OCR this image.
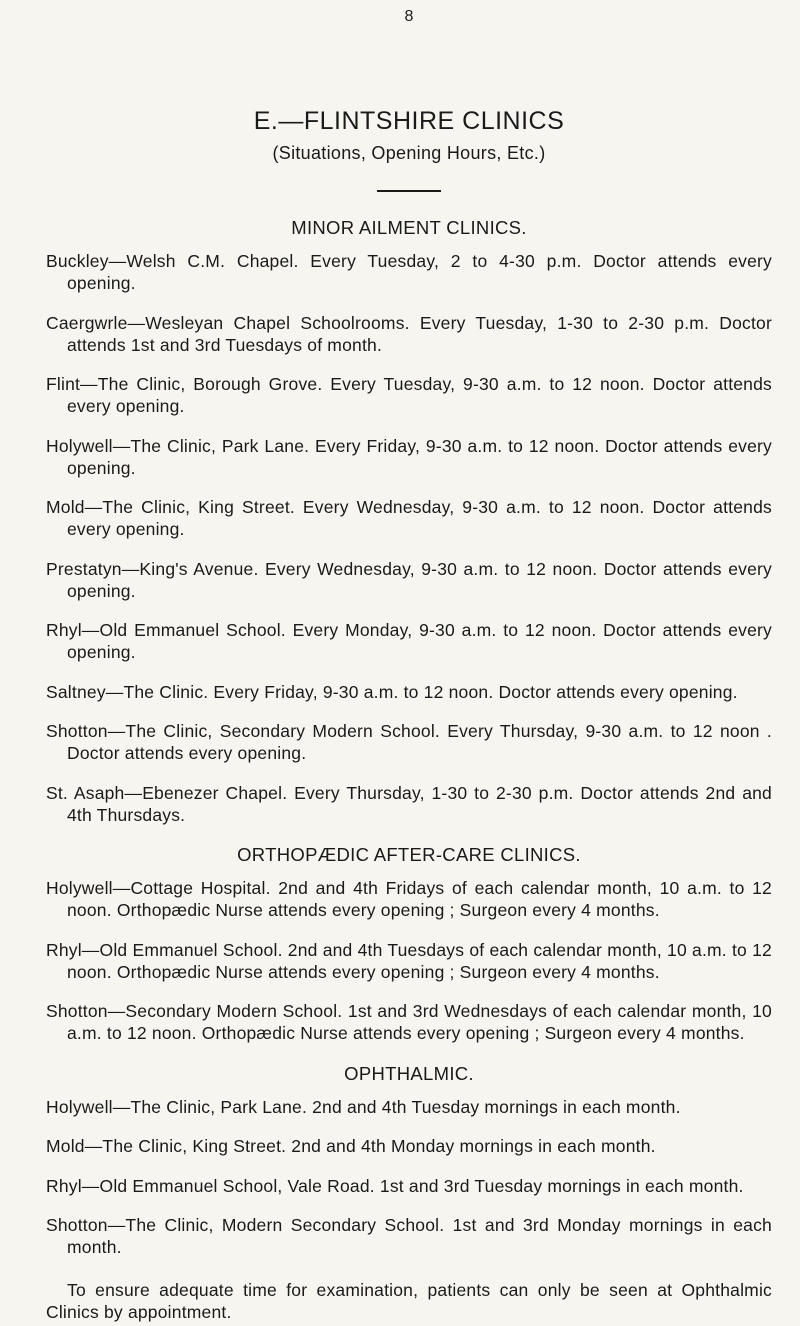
8
E.—FLINTSHIRE CLINICS
(Situations, Opening Hours, Etc.)
MINOR AILMENT CLINICS.

Buckley—Welsh C.M. Chapel. Every Tuesday, 2 to 4-30 p.m. Doctor attends every opening.

Caergwrle—Wesleyan Chapel Schoolrooms. Every Tuesday, 1-30 to 2-30 p.m. Doctor attends 1st and 3rd Tuesdays of month.

Flint—The Clinic, Borough Grove. Every Tuesday, 9-30 a.m. to 12 noon. Doctor attends every opening.

Holywell—The Clinic, Park Lane. Every Friday, 9-30 a.m. to 12 noon. Doctor attends every opening.

Mold—The Clinic, King Street. Every Wednesday, 9-30 a.m. to 12 noon. Doctor attends every opening.

Prestatyn—King's Avenue. Every Wednesday, 9-30 a.m. to 12 noon. Doctor attends every opening.

Rhyl—Old Emmanuel School. Every Monday, 9-30 a.m. to 12 noon. Doctor attends every opening.

Saltney—The Clinic. Every Friday, 9-30 a.m. to 12 noon. Doctor attends every opening.

Shotton—The Clinic, Secondary Modern School. Every Thursday, 9-30 a.m. to 12 noon . Doctor attends every opening.

St. Asaph—Ebenezer Chapel. Every Thursday, 1-30 to 2-30 p.m. Doctor attends 2nd and 4th Thursdays.

ORTHOPÆDIC AFTER-CARE CLINICS.

Holywell—Cottage Hospital. 2nd and 4th Fridays of each calendar month, 10 a.m. to 12 noon. Orthopædic Nurse attends every opening ; Surgeon every 4 months.

Rhyl—Old Emmanuel School. 2nd and 4th Tuesdays of each calendar month, 10 a.m. to 12 noon. Orthopædic Nurse attends every opening ; Surgeon every 4 months.

Shotton—Secondary Modern School. 1st and 3rd Wednesdays of each calendar month, 10 a.m. to 12 noon. Orthopædic Nurse attends every opening ; Surgeon every 4 months.

OPHTHALMIC.

Holywell—The Clinic, Park Lane. 2nd and 4th Tuesday mornings in each month.

Mold—The Clinic, King Street. 2nd and 4th Monday mornings in each month.

Rhyl—Old Emmanuel School, Vale Road. 1st and 3rd Tuesday mornings in each month.

Shotton—The Clinic, Modern Secondary School. 1st and 3rd Monday mornings in each month.

To ensure adequate time for examination, patients can only be seen at Ophthalmic Clinics by appointment.
